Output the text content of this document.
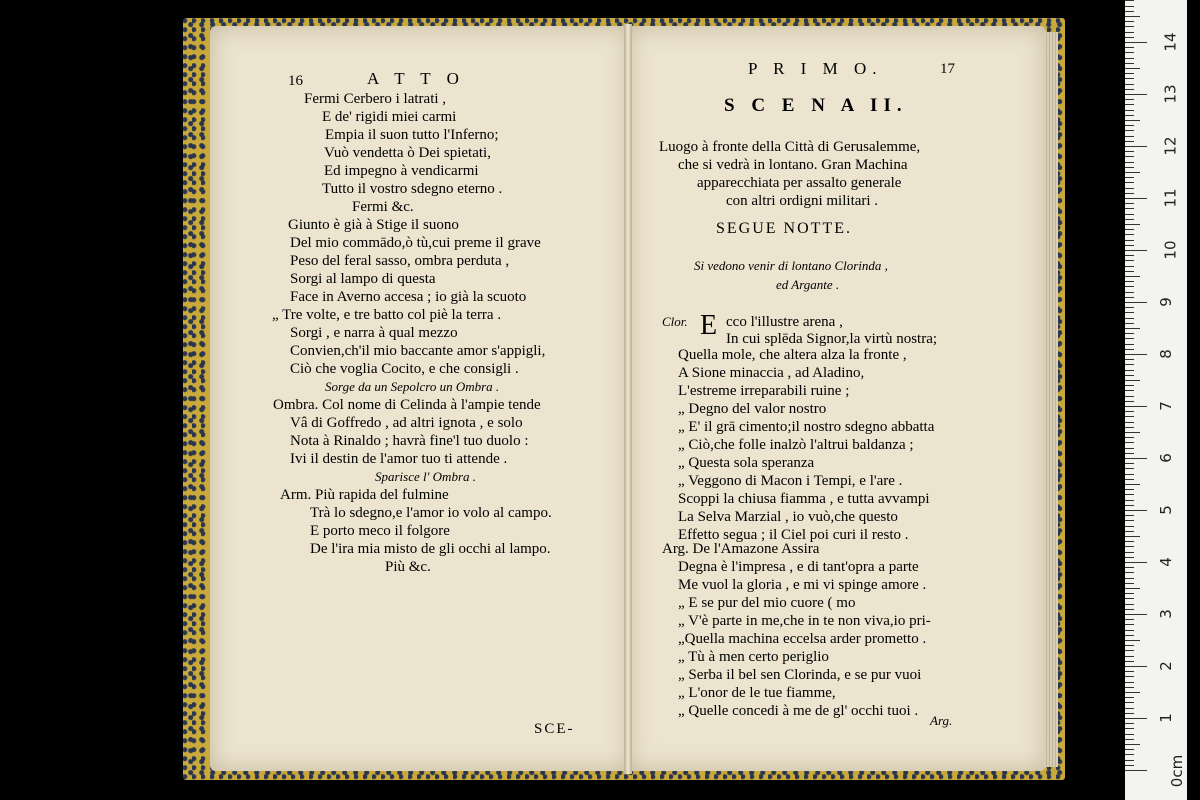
16	A T T O
SCE-
P R I M O.	17
S C E N A II.
Luogo à fronte della Città di Gerusalemme,
che si vedrà in lontano. Gran Machina
apparecchiata per assalto generale
con altri ordigni militari .
SEGUE NOTTE.
Si vedono venir di lontano Clorinda ,
ed Argante .
Clor. E
Arg.
0cm
1
2
3
4
5
6
7
8
9
10
11
12
13
14
Fermi Cerbero i latrati ,
E de' rigidi miei carmi
Empia il suon tutto l'Inferno;
Vuò vendetta ò Dei spietati,
Ed impegno à vendicarmi
Tutto il vostro sdegno eterno .
Fermi &c.
Giunto è già à Stige il suono
Del mio commādo,ò tù,cui preme il grave
Peso del feral sasso, ombra perduta ,
Sorgi al lampo di questa
Face in Averno accesa ; io già la scuoto
„ Tre volte, e tre batto col piè la terra .
Sorgi , e narra à qual mezzo
Convien,ch'il mio baccante amor s'appigli,
Ciò che voglia Cocito, e che consigli .
Sorge da un Sepolcro un Ombra .
Ombra. Col nome di Celinda à l'ampie tende
Vâ di Goffredo , ad altri ignota , e solo
Nota à Rinaldo ; havrà fine'l tuo duolo :
Ivi il destin de l'amor tuo ti attende .
Sparisce l' Ombra .
Arm. Più rapida del fulmine
Trà lo sdegno,e l'amor io volo al campo.
E porto meco il folgore
De l'ira mia misto de gli occhi al lampo.
Più &c.
cco l'illustre arena ,
In cui splēda Signor,la virtù nostra;
Quella mole, che altera alza la fronte ,
A Sione minaccia , ad Aladino,
L'estreme irreparabili ruine ;
„ Degno del valor nostro
„ E' il grā cimento;il nostro sdegno abbatta
„ Ciò,che folle inalzò l'altrui baldanza ;
„ Questa sola speranza
„ Veggono di Macon i Tempi, e l'are .
Scoppi la chiusa fiamma , e tutta avvampi
La Selva Marzial , io vuò,che questo
Effetto segua ; il Ciel poi curi il resto .
Arg. De l'Amazone Assira
Degna è l'impresa , e di tant'opra a parte
Me vuol la gloria , e mi vi spinge amore .
„ E se pur del mio cuore ( mo
„ V'è parte in me,che in te non viva,io pri-
„Quella machina eccelsa arder prometto .
„ Tù à men certo periglio
„ Serba il bel sen Clorinda, e se pur vuoi
„ L'onor de le tue fiamme,
„ Quelle concedi à me de gl' occhi tuoi .
